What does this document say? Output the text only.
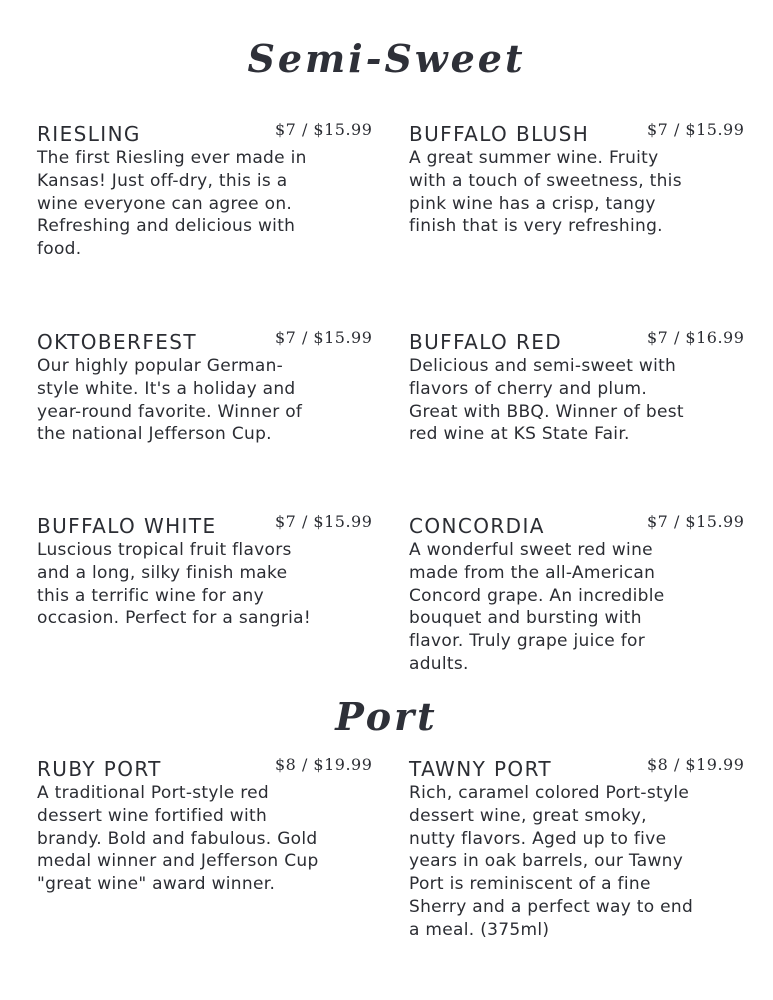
Semi-Sweet
RIESLING	$7 / $15.99

The first Riesling ever made in Kansas! Just off-dry, this is a wine everyone can agree on. Refreshing and delicious with food.

BUFFALO BLUSH	$7 / $15.99

A great summer wine. Fruity with a touch of sweetness, this pink wine has a crisp, tangy finish that is very refreshing.

OKTOBERFEST	$7 / $15.99

Our highly popular German-style white. It's a holiday and year-round favorite. Winner of the national Jefferson Cup.

BUFFALO RED	$7 / $16.99

Delicious and semi-sweet with flavors of cherry and plum. Great with BBQ. Winner of best red wine at KS State Fair.

BUFFALO WHITE	$7 / $15.99

Luscious tropical fruit flavors and a long, silky finish make this a terrific wine for any occasion. Perfect for a sangria!

CONCORDIA	$7 / $15.99

A wonderful sweet red wine made from the all-American Concord grape. An incredible bouquet and bursting with flavor. Truly grape juice for adults.

Port
RUBY PORT	$8 / $19.99

A traditional Port-style red dessert wine fortified with brandy. Bold and fabulous. Gold medal winner and Jefferson Cup "great wine" award winner.

TAWNY PORT	$8 / $19.99

Rich, caramel colored Port-style dessert wine, great smoky, nutty flavors. Aged up to five years in oak barrels, our Tawny Port is reminiscent of a fine Sherry and a perfect way to end a meal. (375ml)
